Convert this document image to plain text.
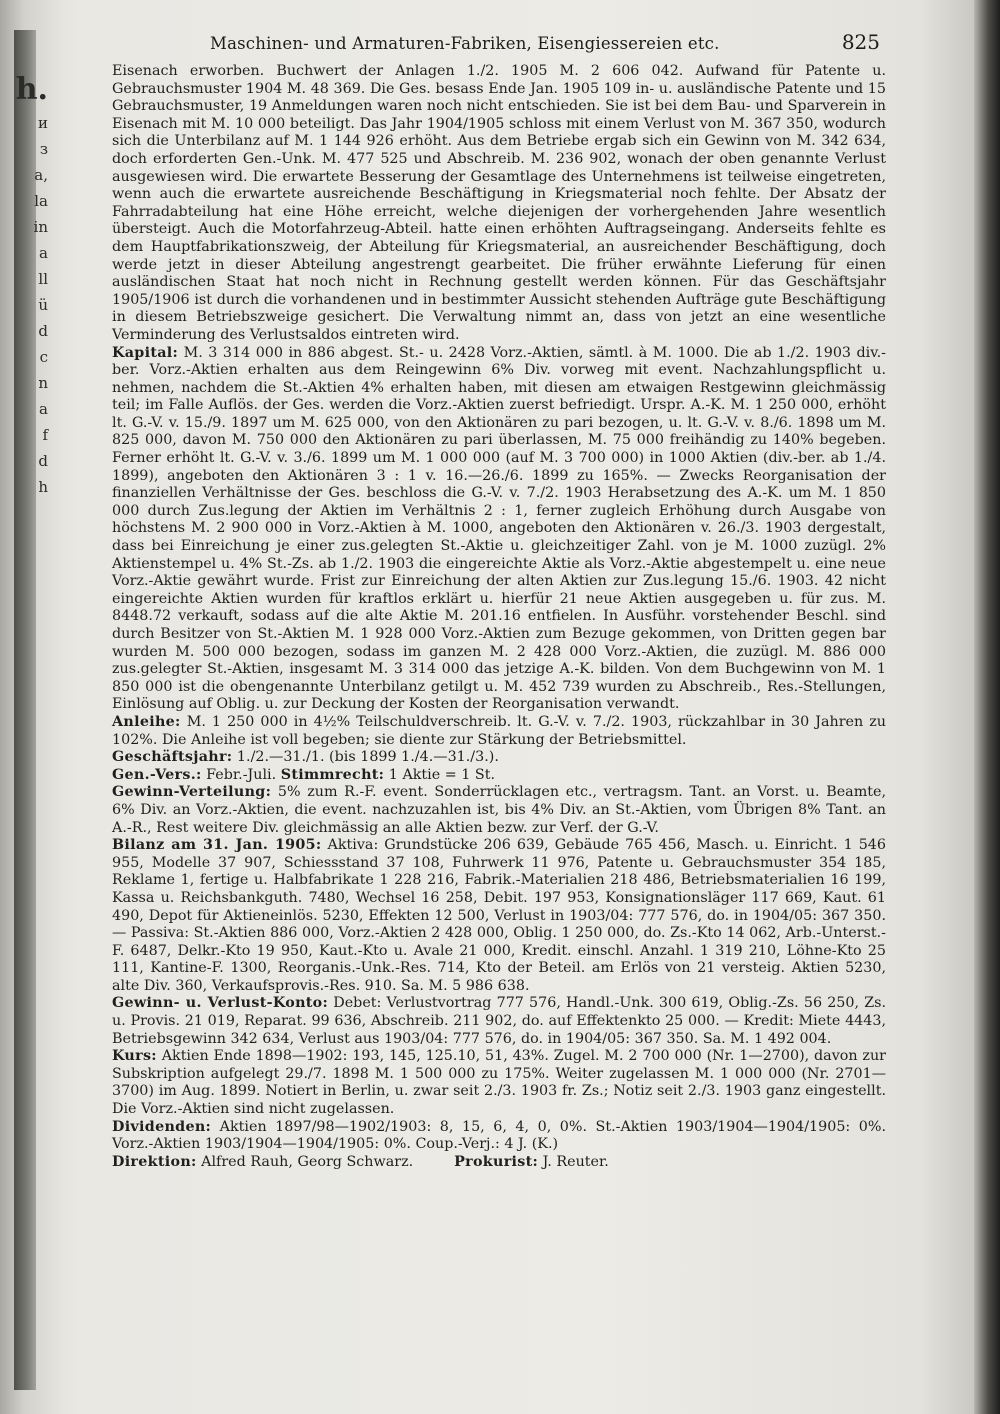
h.
и
з
a,
la
in
a
ll
ü
d
c
n
a
f
d
h
Maschinen- und Armaturen-Fabriken, Eisengiessereien etc.	825

Eisenach erworben. Buchwert der Anlagen 1./2. 1905 M. 2 606 042. Aufwand für Patente u. Gebrauchsmuster 1904 M. 48 369. Die Ges. besass Ende Jan. 1905 109 in- u. ausländische Patente und 15 Gebrauchsmuster, 19 Anmeldungen waren noch nicht entschieden. Sie ist bei dem Bau- und Sparverein in Eisenach mit M. 10 000 beteiligt. Das Jahr 1904/1905 schloss mit einem Verlust von M. 367 350, wodurch sich die Unterbilanz auf M. 1 144 926 erhöht. Aus dem Betriebe ergab sich ein Gewinn von M. 342 634, doch erforderten Gen.-Unk. M. 477 525 und Abschreib. M. 236 902, wonach der oben genannte Verlust ausgewiesen wird. Die erwartete Besserung der Gesamtlage des Unternehmens ist teilweise eingetreten, wenn auch die erwartete ausreichende Beschäftigung in Kriegsmaterial noch fehlte. Der Absatz der Fahrradabteilung hat eine Höhe erreicht, welche diejenigen der vorhergehenden Jahre wesentlich übersteigt. Auch die Motorfahrzeug-Abteil. hatte einen erhöhten Auftragseingang. Anderseits fehlte es dem Hauptfabrikationszweig, der Abteilung für Kriegsmaterial, an ausreichender Beschäftigung, doch werde jetzt in dieser Abteilung angestrengt gearbeitet. Die früher erwähnte Lieferung für einen ausländischen Staat hat noch nicht in Rechnung gestellt werden können. Für das Geschäftsjahr 1905/1906 ist durch die vorhandenen und in bestimmter Aussicht stehenden Aufträge gute Beschäftigung in diesem Betriebszweige gesichert. Die Verwaltung nimmt an, dass von jetzt an eine wesentliche Verminderung des Verlustsaldos eintreten wird.

Kapital: M. 3 314 000 in 886 abgest. St.- u. 2428 Vorz.-Aktien, sämtl. à M. 1000. Die ab 1./2. 1903 div.-ber. Vorz.-Aktien erhalten aus dem Reingewinn 6% Div. vorweg mit event. Nachzahlungspflicht u. nehmen, nachdem die St.-Aktien 4% erhalten haben, mit diesen am etwaigen Restgewinn gleichmässig teil; im Falle Auflös. der Ges. werden die Vorz.-Aktien zuerst befriedigt. Urspr. A.-K. M. 1 250 000, erhöht lt. G.-V. v. 15./9. 1897 um M. 625 000, von den Aktionären zu pari bezogen, u. lt. G.-V. v. 8./6. 1898 um M. 825 000, davon M. 750 000 den Aktionären zu pari überlassen, M. 75 000 freihändig zu 140% begeben. Ferner erhöht lt. G.-V. v. 3./6. 1899 um M. 1 000 000 (auf M. 3 700 000) in 1000 Aktien (div.-ber. ab 1./4. 1899), angeboten den Aktionären 3 : 1 v. 16.—26./6. 1899 zu 165%. — Zwecks Reorganisation der finanziellen Verhältnisse der Ges. beschloss die G.-V. v. 7./2. 1903 Herabsetzung des A.-K. um M. 1 850 000 durch Zus.legung der Aktien im Verhältnis 2 : 1, ferner zugleich Erhöhung durch Ausgabe von höchstens M. 2 900 000 in Vorz.-Aktien à M. 1000, angeboten den Aktionären v. 26./3. 1903 dergestalt, dass bei Einreichung je einer zus.gelegten St.-Aktie u. gleichzeitiger Zahl. von je M. 1000 zuzügl. 2% Aktienstempel u. 4% St.-Zs. ab 1./2. 1903 die eingereichte Aktie als Vorz.-Aktie abgestempelt u. eine neue Vorz.-Aktie gewährt wurde. Frist zur Einreichung der alten Aktien zur Zus.legung 15./6. 1903. 42 nicht eingereichte Aktien wurden für kraftlos erklärt u. hierfür 21 neue Aktien ausgegeben u. für zus. M. 8448.72 verkauft, sodass auf die alte Aktie M. 201.16 entfielen. In Ausführ. vorstehender Beschl. sind durch Besitzer von St.-Aktien M. 1 928 000 Vorz.-Aktien zum Bezuge gekommen, von Dritten gegen bar wurden M. 500 000 bezogen, sodass im ganzen M. 2 428 000 Vorz.-Aktien, die zuzügl. M. 886 000 zus.gelegter St.-Aktien, insgesamt M. 3 314 000 das jetzige A.-K. bilden. Von dem Buchgewinn von M. 1 850 000 ist die obengenannte Unterbilanz getilgt u. M. 452 739 wurden zu Abschreib., Res.-Stellungen, Einlösung auf Oblig. u. zur Deckung der Kosten der Reorganisation verwandt.

Anleihe: M. 1 250 000 in 4½% Teilschuldverschreib. lt. G.-V. v. 7./2. 1903, rückzahlbar in 30 Jahren zu 102%. Die Anleihe ist voll begeben; sie diente zur Stärkung der Betriebsmittel.

Geschäftsjahr: 1./2.—31./1. (bis 1899 1./4.—31./3.).

Gen.-Vers.: Febr.-Juli. Stimmrecht: 1 Aktie = 1 St.

Gewinn-Verteilung: 5% zum R.-F. event. Sonderrücklagen etc., vertragsm. Tant. an Vorst. u. Beamte, 6% Div. an Vorz.-Aktien, die event. nachzuzahlen ist, bis 4% Div. an St.-Aktien, vom Übrigen 8% Tant. an A.-R., Rest weitere Div. gleichmässig an alle Aktien bezw. zur Verf. der G.-V.

Bilanz am 31. Jan. 1905: Aktiva: Grundstücke 206 639, Gebäude 765 456, Masch. u. Einricht. 1 546 955, Modelle 37 907, Schiessstand 37 108, Fuhrwerk 11 976, Patente u. Gebrauchsmuster 354 185, Reklame 1, fertige u. Halbfabrikate 1 228 216, Fabrik.-Materialien 218 486, Betriebsmaterialien 16 199, Kassa u. Reichsbankguth. 7480, Wechsel 16 258, Debit. 197 953, Konsignationsläger 117 669, Kaut. 61 490, Depot für Aktieneinlös. 5230, Effekten 12 500, Verlust in 1903/04: 777 576, do. in 1904/05: 367 350. — Passiva: St.-Aktien 886 000, Vorz.-Aktien 2 428 000, Oblig. 1 250 000, do. Zs.-Kto 14 062, Arb.-Unterst.-F. 6487, Delkr.-Kto 19 950, Kaut.-Kto u. Avale 21 000, Kredit. einschl. Anzahl. 1 319 210, Löhne-Kto 25 111, Kantine-F. 1300, Reorganis.-Unk.-Res. 714, Kto der Beteil. am Erlös von 21 versteig. Aktien 5230, alte Div. 360, Verkaufsprovis.-Res. 910. Sa. M. 5 986 638.

Gewinn- u. Verlust-Konto: Debet: Verlustvortrag 777 576, Handl.-Unk. 300 619, Oblig.-Zs. 56 250, Zs. u. Provis. 21 019, Reparat. 99 636, Abschreib. 211 902, do. auf Effektenkto 25 000. — Kredit: Miete 4443, Betriebsgewinn 342 634, Verlust aus 1903/04: 777 576, do. in 1904/05: 367 350. Sa. M. 1 492 004.

Kurs: Aktien Ende 1898—1902: 193, 145, 125.10, 51, 43%. Zugel. M. 2 700 000 (Nr. 1—2700), davon zur Subskription aufgelegt 29./7. 1898 M. 1 500 000 zu 175%. Weiter zugelassen M. 1 000 000 (Nr. 2701—3700) im Aug. 1899. Notiert in Berlin, u. zwar seit 2./3. 1903 fr. Zs.; Notiz seit 2./3. 1903 ganz eingestellt. Die Vorz.-Aktien sind nicht zugelassen.

Dividenden: Aktien 1897/98—1902/1903: 8, 15, 6, 4, 0, 0%. St.-Aktien 1903/1904—1904/1905: 0%. Vorz.-Aktien 1903/1904—1904/1905: 0%. Coup.-Verj.: 4 J. (K.)

Direktion: Alfred Rauh, Georg Schwarz.	Prokurist: J. Reuter.
